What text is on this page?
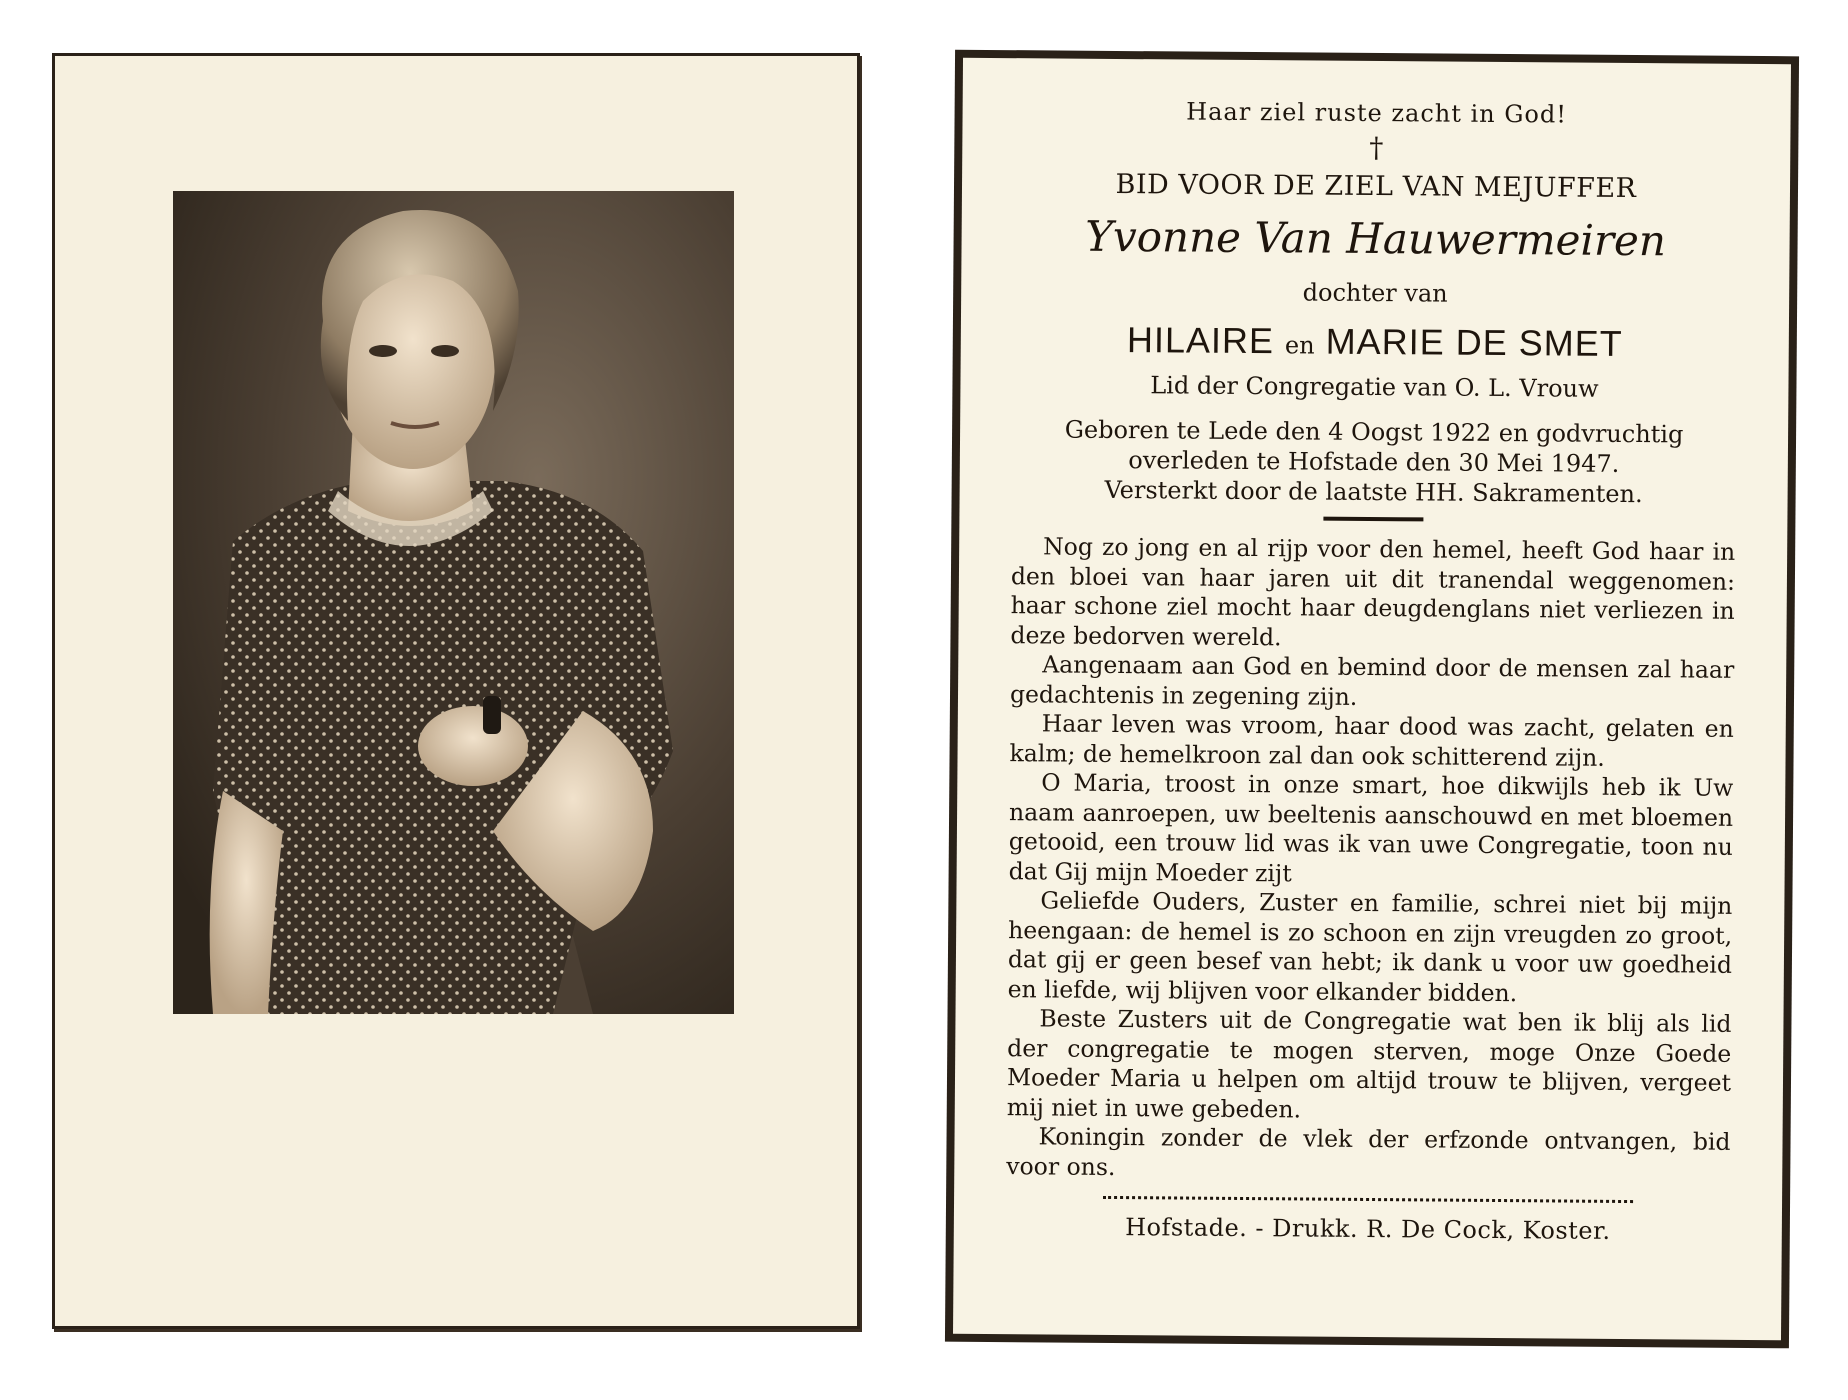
Haar ziel ruste zacht in God!

†

BID VOOR DE ZIEL VAN MEJUFFER

Yvonne Van Hauwermeiren

dochter van

HILAIRE en MARIE DE SMET

Lid der Congregatie van O. L. Vrouw

Geboren te Lede den 4 Oogst 1922 en godvruchtig

overleden te Hofstade den 30 Mei 1947.

Versterkt door de laatste HH. Sakramenten.

Nog zo jong en al rijp voor den hemel, heeft God haar in den bloei van haar jaren uit dit tranendal weggenomen: haar schone ziel mocht haar deugdenglans niet verliezen in deze bedorven wereld.

Aangenaam aan God en bemind door de mensen zal haar gedachtenis in zegening zijn.

Haar leven was vroom, haar dood was zacht, gelaten en kalm; de hemelkroon zal dan ook schitterend zijn.

O Maria, troost in onze smart, hoe dikwijls heb ik Uw naam aanroepen, uw beeltenis aanschouwd en met bloemen getooid, een trouw lid was ik van uwe Congregatie, toon nu dat Gij mijn Moeder zijt

Geliefde Ouders, Zuster en familie, schrei niet bij mijn heengaan: de hemel is zo schoon en zijn vreugden zo groot, dat gij er geen besef van hebt; ik dank u voor uw goedheid en liefde, wij blijven voor elkander bidden.

Beste Zusters uit de Congregatie wat ben ik blij als lid der congregatie te mogen sterven, moge Onze Goede Moeder Maria u helpen om altijd trouw te blijven, vergeet mij niet in uwe gebeden.

Koningin zonder de vlek der erfzonde ontvangen, bid voor ons.

Hofstade. - Drukk. R. De Cock, Koster.
